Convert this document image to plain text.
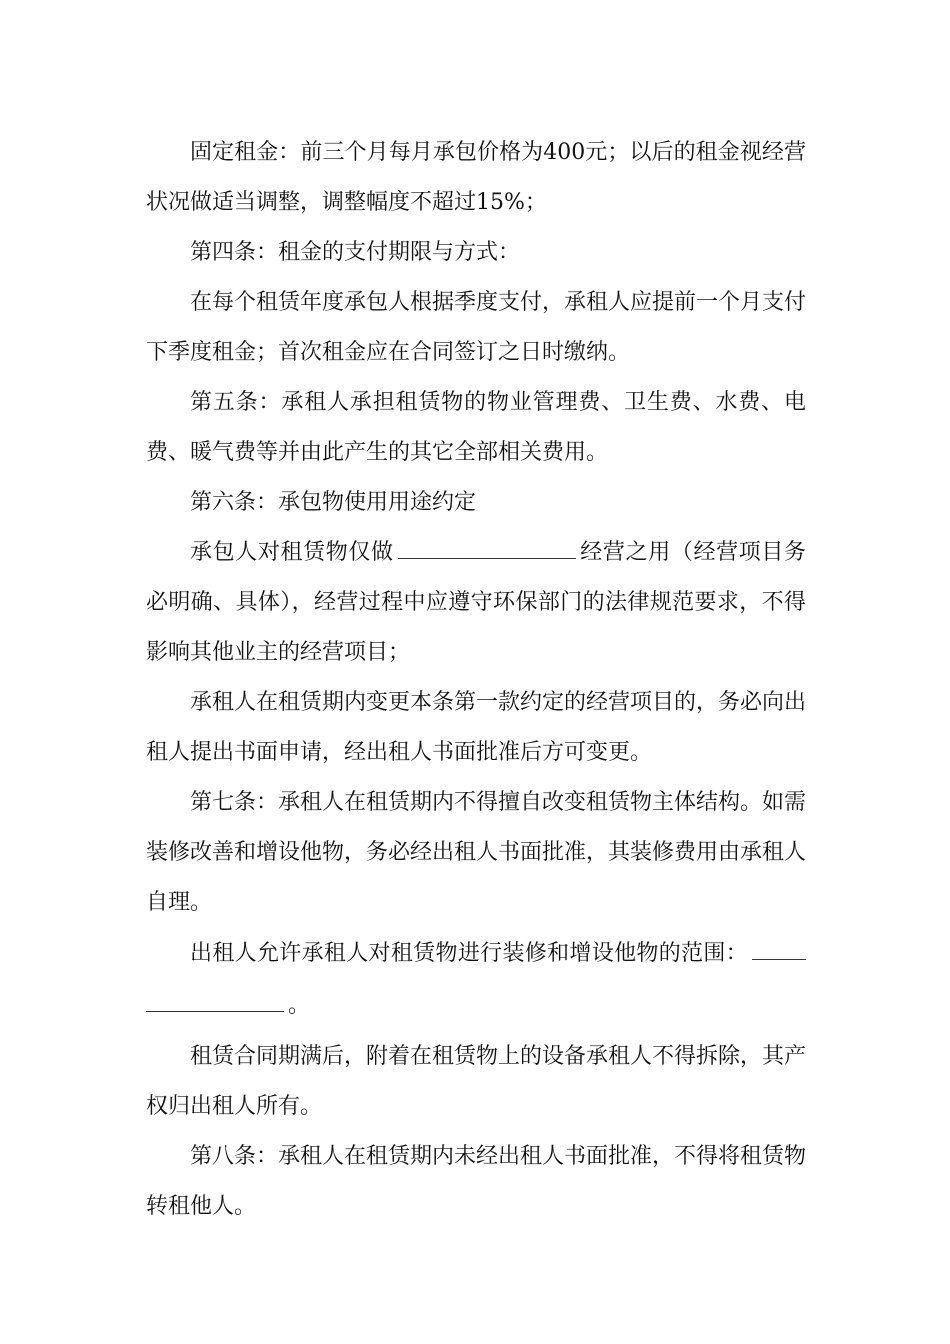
固定租金：前三个月每月承包价格为400元；以后的租金视经营状况做适当调整，调整幅度不超过15%；

第四条：租金的支付期限与方式：

在每个租赁年度承包人根据季度支付，承租人应提前一个月支付下季度租金；首次租金应在合同签订之日时缴纳。

第五条：承租人承担租赁物的物业管理费、卫生费、水费、电费、暖气费等并由此产生的其它全部相关费用。

第六条：承包物使用用途约定

承包人对租赁物仅做	经营之用（经营项目务必明确、具体），经营过程中应遵守环保部门的法律规范要求，不得影响其他业主的经营项目；

承租人在租赁期内变更本条第一款约定的经营项目的，务必向出租人提出书面申请，经出租人书面批准后方可变更。

第七条：承租人在租赁期内不得擅自改变租赁物主体结构。如需装修改善和增设他物，务必经出租人书面批准，其装修费用由承租人自理。

出租人允许承租人对租赁物进行装修和增设他物的范围：。

租赁合同期满后，附着在租赁物上的设备承租人不得拆除，其产权归出租人所有。

第八条：承租人在租赁期内未经出租人书面批准，不得将租赁物转租他人。
